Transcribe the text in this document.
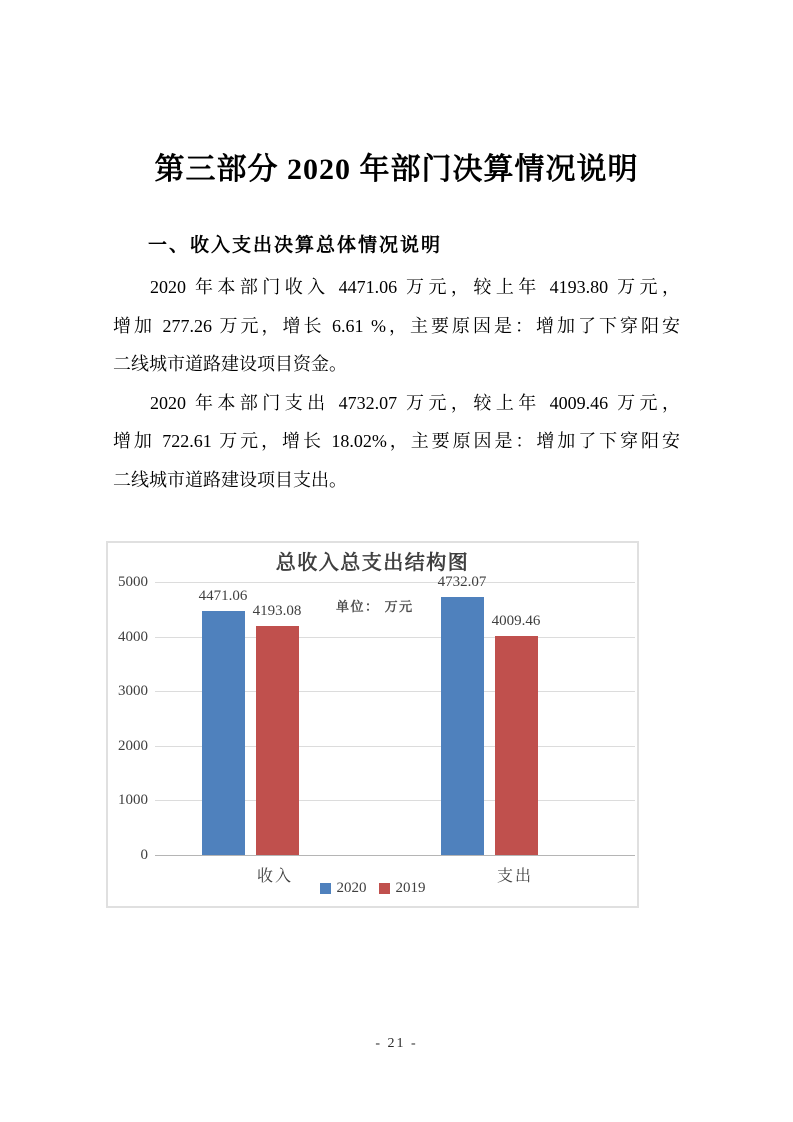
第三部分 2020 年部门决算情况说明
一、收入支出决算总体情况说明
2020 年本部门收入 4471.06 万元，较上年 4193.80 万元，
增加 277.26 万元，增长 6.61 %，主要原因是：增加了下穿阳安
二线城市道路建设项目资金。
2020 年本部门支出 4732.07 万元，较上年 4009.46 万元，
增加 722.61 万元，增长 18.02%，主要原因是：增加了下穿阳安
二线城市道路建设项目支出。
总收入总支出结构图
单位： 万元
4471.06
4193.08
收入
4732.07
4009.46
支出
2020 2019
0
1000
2000
3000
4000
5000
- 21 -
